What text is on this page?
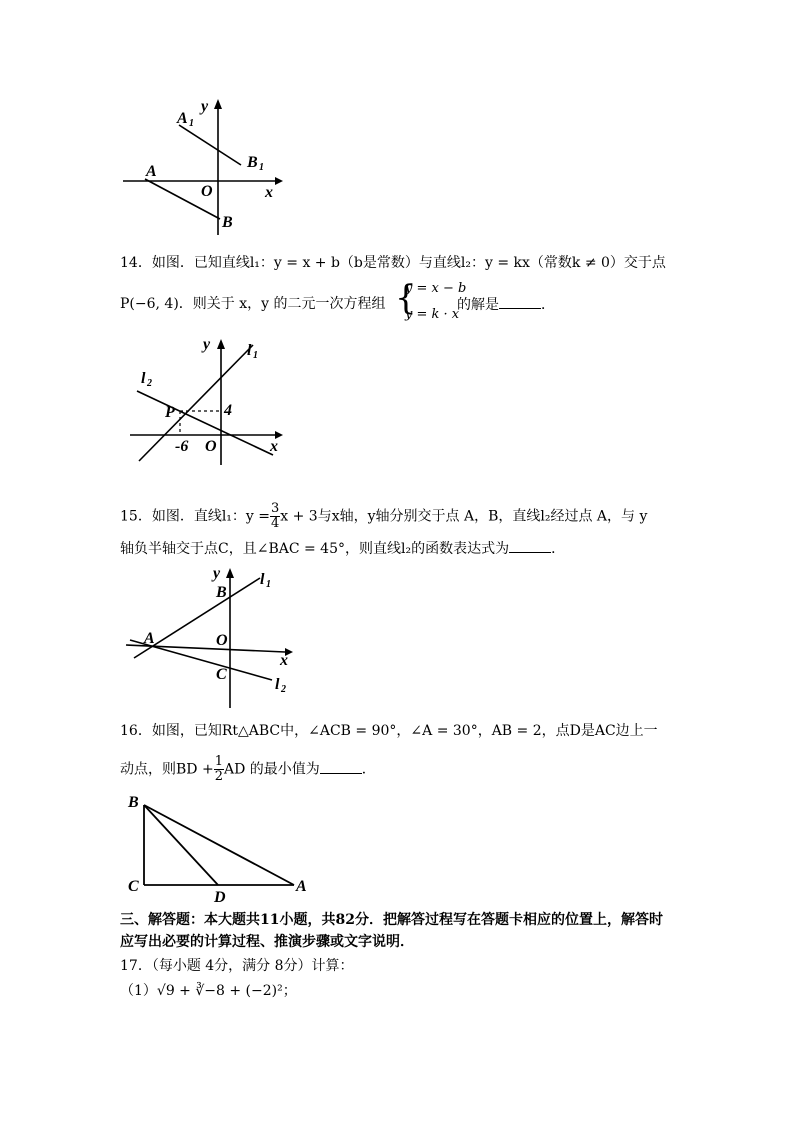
A 1
B 1
A
B
O	x
y
14．如图．已知直线l₁：y = x + b（b是常数）与直线l₂：y = kx（常数k ≠ 0）交于点
P(−6, 4)．则关于 x，y 的二元一次方程组 {
y = x − b
y = k · x
的解是	．
l 1
l 2
P	4
-6 O	x
y
15．如图．直线l₁：$y = \frac{3}{4}$ x + 3与x轴，y轴分别交于点 A，B，直线l₂经过点 A，与 y
轴负半轴交于点C，且∠BAC = 45°，则直线l₂的函数表达式为	．
y
B
l 1
A	O
x
C
l 2
16．如图，已知Rt△ABC中，∠ACB = 90°，∠A = 30°，AB = 2，点D是AC边上一
动点，则BD + $\frac{1}{2}$ AD 的最小值为	．
B
C
D
A
三、解答题：本大题共11小题，共82分．把解答过程写在答题卡相应的位置上，解答时
应写出必要的计算过程、推演步骤或文字说明．
17．（每小题 4分，满分 8分）计算：
（1）√9 + ∛−8 + (−2)²；
